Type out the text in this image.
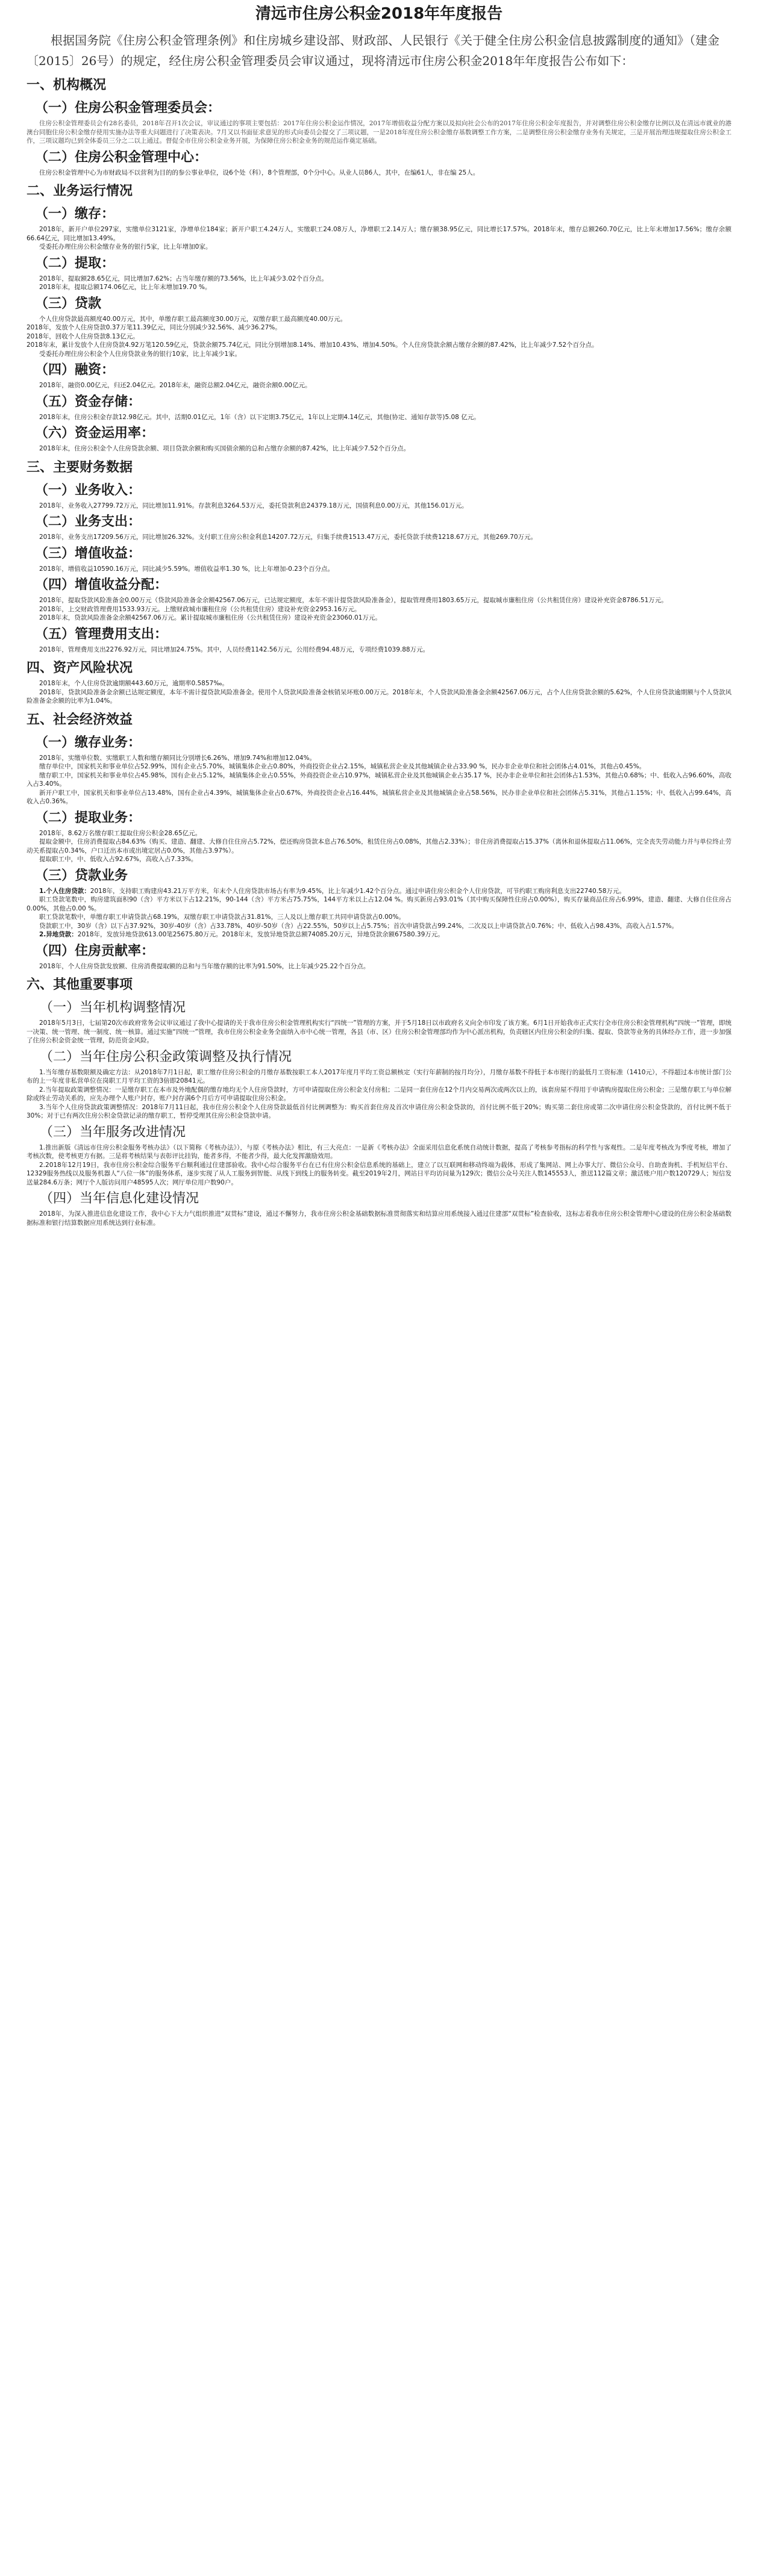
清远市住房公积金2018年年度报告

根据国务院《住房公积金管理条例》和住房城乡建设部、财政部、人民银行《关于健全住房公积金信息披露制度的通知》（建金〔2015〕26号）的规定，经住房公积金管理委员会审议通过，现将清远市住房公积金2018年年度报告公布如下：

一、机构概况
（一）住房公积金管理委员会：

住房公积金管理委员会有28名委员，2018年召开1次会议，审议通过的事项主要包括：2017年住房公积金运作情况，2017年增值收益分配方案以及拟向社会公布的2017年住房公积金年度报告，并对调整住房公积金缴存比例以及在清远市就业的港澳台同胞住房公积金缴存使用实施办法等重大问题进行了决策表决。7月又以书面征求意见的形式向委员会提交了三项议题，一是2018年度住房公积金缴存基数调整工作方案，二是调整住房公积金缴存业务有关规定，三是开展治理违规提取住房公积金工作，三项议题均已到全体委员三分之二以上通过。督促全市住房公积金业务开展，为保障住房公积金业务的规范运作奠定基础。

（二）住房公积金管理中心：

住房公积金管理中心为市财政局不以营利为目的的参公事业单位，设6个处（科），8个管理部，0个分中心。从业人员86人，其中，在编61人，非在编 25人。

二、业务运行情况
（一）缴存：

2018年，新开户单位297家，实缴单位3121家，净增单位184家；新开户职工4.24万人，实缴职工24.08万人，净增职工2.14万人；缴存额38.95亿元，同比增长17.57%。2018年末，缴存总额260.70亿元，比上年末增加17.56%；缴存余额66.64亿元，同比增加13.49%。

受委托办理住房公积金缴存业务的银行5家，比上年增加0家。

（二）提取：

2018年，提取额28.65亿元，同比增加7.62%；占当年缴存额的73.56%，比上年减少3.02个百分点。

2018年末，提取总额174.06亿元，比上年末增加19.70 %。

（三）贷款

个人住房贷款最高额度40.00万元，其中，单缴存职工最高额度30.00万元，双缴存职工最高额度40.00万元。

2018年，发放个人住房贷款0.37万笔11.39亿元，同比分别减少32.56%、减少36.27%。

2018年，回收个人住房贷款8.13亿元。

2018年末，累计发放个人住房贷款4.92万笔120.59亿元，贷款余额75.74亿元，同比分别增加8.14%、增加10.43%、增加4.50%。个人住房贷款余额占缴存余额的87.42%，比上年减少7.52个百分点。

受委托办理住房公积金个人住房贷款业务的银行10家，比上年减少1家。

（四）融资：

2018年，融资0.00亿元，归还2.04亿元。2018年末，融资总额2.04亿元，融资余额0.00亿元。

（五）资金存储：

2018年末，住房公积金存款12.98亿元。其中，活期0.01亿元，1年（含）以下定期3.75亿元，1年以上定期4.14亿元，其他(协定、通知存款等)5.08 亿元。

（六）资金运用率：

2018年末，住房公积金个人住房贷款余额、项目贷款余额和购买国债余额的总和占缴存余额的87.42%，比上年减少7.52个百分点。

三、主要财务数据
（一）业务收入：

2018年，业务收入27799.72万元，同比增加11.91%。存款利息3264.53万元，委托贷款利息24379.18万元，国债利息0.00万元，其他156.01万元。

（二）业务支出：

2018年，业务支出17209.56万元，同比增加26.32%。支付职工住房公积金利息14207.72万元，归集手续费1513.47万元，委托贷款手续费1218.67万元，其他269.70万元。

（三）增值收益：

2018年，增值收益10590.16万元，同比减少5.59%。增值收益率1.30 %，比上年增加-0.23个百分点。

（四）增值收益分配：

2018年，提取贷款风险准备金0.00万元（贷款风险准备金余额42567.06万元，已达规定额度，本年不需计提贷款风险准备金），提取管理费用1803.65万元，提取城市廉租住房（公共租赁住房）建设补充资金8786.51万元。

2018年，上交财政管理费用1533.93万元。上缴财政城市廉租住房（公共租赁住房）建设补充资金2953.16万元。

2018年末，贷款风险准备金余额42567.06万元。累计提取城市廉租住房（公共租赁住房）建设补充资金23060.01万元。

（五）管理费用支出：

2018年，管理费用支出2276.92万元，同比增加24.75%。其中，人员经费1142.56万元，公用经费94.48万元，专项经费1039.88万元。

四、资产风险状况

2018年末，个人住房贷款逾期额443.60万元，逾期率0.5857‰。

2018年，贷款风险准备金余额已达规定额度，本年不需计提贷款风险准备金。使用个人贷款风险准备金核销呆坏账0.00万元。2018年末，个人贷款风险准备金余额42567.06万元，占个人住房贷款余额的5.62%，个人住房贷款逾期额与个人贷款风险准备金余额的比率为1.04%。

五、社会经济效益
（一）缴存业务：

2018年，实缴单位数、实缴职工人数和缴存额同比分别增长6.26%、增加9.74%和增加12.04%。

缴存单位中，国家机关和事业单位占52.99%，国有企业占5.70%，城镇集体企业占0.80%，外商投资企业占2.15%，城镇私营企业及其他城镇企业占33.90 %，民办非企业单位和社会团体占4.01%，其他占0.45%。

缴存职工中，国家机关和事业单位占45.98%，国有企业占5.12%，城镇集体企业占0.55%，外商投资企业占10.97%，城镇私营企业及其他城镇企业占35.17 %，民办非企业单位和社会团体占1.53%，其他占0.68%；中、低收入占96.60%，高收入占3.40%。

新开户职工中，国家机关和事业单位占13.48%，国有企业占4.39%，城镇集体企业占0.67%，外商投资企业占16.44%，城镇私营企业及其他城镇企业占58.56%，民办非企业单位和社会团体占5.31%，其他占1.15%；中、低收入占99.64%，高收入占0.36%。

（二）提取业务：

2018年，8.62万名缴存职工提取住房公积金28.65亿元。

提取金额中，住房消费提取占84.63%（购买、建造、翻建、大修自住住房占5.72%，偿还购房贷款本息占76.50%，租赁住房占0.08%，其他占2.33%）；非住房消费提取占15.37%（离休和退休提取占11.06%，完全丧失劳动能力并与单位终止劳动关系提取占0.34%，户口迁出本市或出境定居占0.0%，其他占3.97%）。

提取职工中，中、低收入占92.67%，高收入占7.33%。

（三）贷款业务

1.个人住房贷款：2018年，支持职工购建房43.21万平方米，年末个人住房贷款市场占有率为9.45%，比上年减少1.42个百分点。通过申请住房公积金个人住房贷款，可节约职工购房利息支出22740.58万元。

职工贷款笔数中，购房建筑面积90（含）平方米以下占12.21%，90-144（含）平方米占75.75%，144平方米以上占12.04 %。购买新房占93.01%（其中购买保障性住房占0.00%），购买存量商品住房占6.99%，建造、翻建、大修自住住房占0.00%，其他占0.00 %。

职工贷款笔数中，单缴存职工申请贷款占68.19%，双缴存职工申请贷款占31.81%，三人及以上缴存职工共同申请贷款占0.00%。

贷款职工中，30岁（含）以下占37.92%，30岁-40岁（含）占33.78%，40岁-50岁（含）占22.55%，50岁以上占5.75%；首次申请贷款占99.24%，二次及以上申请贷款占0.76%；中、低收入占98.43%，高收入占1.57%。

2.异地贷款：2018年，发放异地贷款613.00笔25675.80万元。2018年末，发放异地贷款总额74085.20万元，异地贷款余额67580.39万元。

（四）住房贡献率：

2018年，个人住房贷款发放额、住房消费提取额的总和与当年缴存额的比率为91.50%，比上年减少25.22个百分点。

六、其他重要事项
（一）当年机构调整情况

2018年5月3日，七届第20次市政府常务会议审议通过了我中心提请的关于我市住房公积金管理机构实行“四统一”管理的方案，并于5月18日以市政府名义向全市印发了该方案。6月1日开始我市正式实行全市住房公积金管理机构“四统一”管理，即统一决策、统一管理、统一制度、统一核算。通过实施“四统一”管理，我市住房公积金业务全面纳入市中心统一管理，各县（市、区）住房公积金管理部均作为中心派出机构，负责辖区内住房公积金的归集、提取、贷款等业务的具体经办工作，进一步加强了住房公积金资金统一管理，防范资金风险。

（二）当年住房公积金政策调整及执行情况

1.当年缴存基数限额及确定方法：从2018年7月1日起，职工缴存住房公积金的月缴存基数按职工本人2017年度月平均工资总额核定（实行年薪制的按月均分），月缴存基数不得低于本市现行的最低月工资标准（1410元），不得超过本市统计部门公布的上一年度非私营单位在岗职工月平均工资的3倍即20841元。

2.当年提取政策调整情况：一是缴存职工在本市及外地配偶的缴存地均无个人住房贷款时，方可申请提取住房公积金支付房租；二是同一套住房在12个月内交易两次或两次以上的，该套房屋不得用于申请购房提取住房公积金；三是缴存职工与单位解除或终止劳动关系的，应先办理个人账户封存，账户封存满6个月后方可申请提取住房公积金。

3.当年个人住房贷款政策调整情况：2018年7月11日起，我市住房公积金个人住房贷款最低首付比例调整为：购买首套住房及首次申请住房公积金贷款的，首付比例不低于20%；购买第二套住房或第二次申请住房公积金贷款的，首付比例不低于30%；对于已有两次住房公积金贷款记录的缴存职工，暂停受理其住房公积金贷款申请。

（三）当年服务改进情况

1.推出新版《清远市住房公积金服务考核办法》（以下简称《考核办法》），与原《考核办法》相比，有三大亮点：一是新《考核办法》全面采用信息化系统自动统计数据，提高了考核参考指标的科学性与客观性。二是年度考核改为季度考核，增加了考核次数，使考核更方有据。三是将考核结果与表彰评比挂钩，能者多得，不能者少得，最大化发挥激励效用。

2.2018年12月19日，我市住房公积金综合服务平台顺利通过住建部验收。我中心综合服务平台在已有住房公积金信息系统的基础上，建立了以互联网和移动终端为载体，形成了集网站、网上办事大厅、微信公众号、自助查询机、手机短信平台、12329服务热线以及服务机器人“八位一体”的服务体系，逐步实现了从人工服务到智能、从线下到线上的服务转变。截至2019年2月，网站日平均访问量为129次；微信公众号关注人数145553人，推送112篇文章；激活账户用户数120729人；短信发送量284.6万条；网厅个人版访问用户48595人次；网厅单位用户数90户。

（四）当年信息化建设情况

2018年，为深入推进信息化建设工作，我中心下大力气组织推进“双贯标”建设，通过不懈努力，我市住房公积金基础数据标准贯彻落实和结算应用系统接入通过住建部“双贯标”检查验收，这标志着我市住房公积金管理中心建设的住房公积金基础数据标准和银行结算数据应用系统达到行业标准。
